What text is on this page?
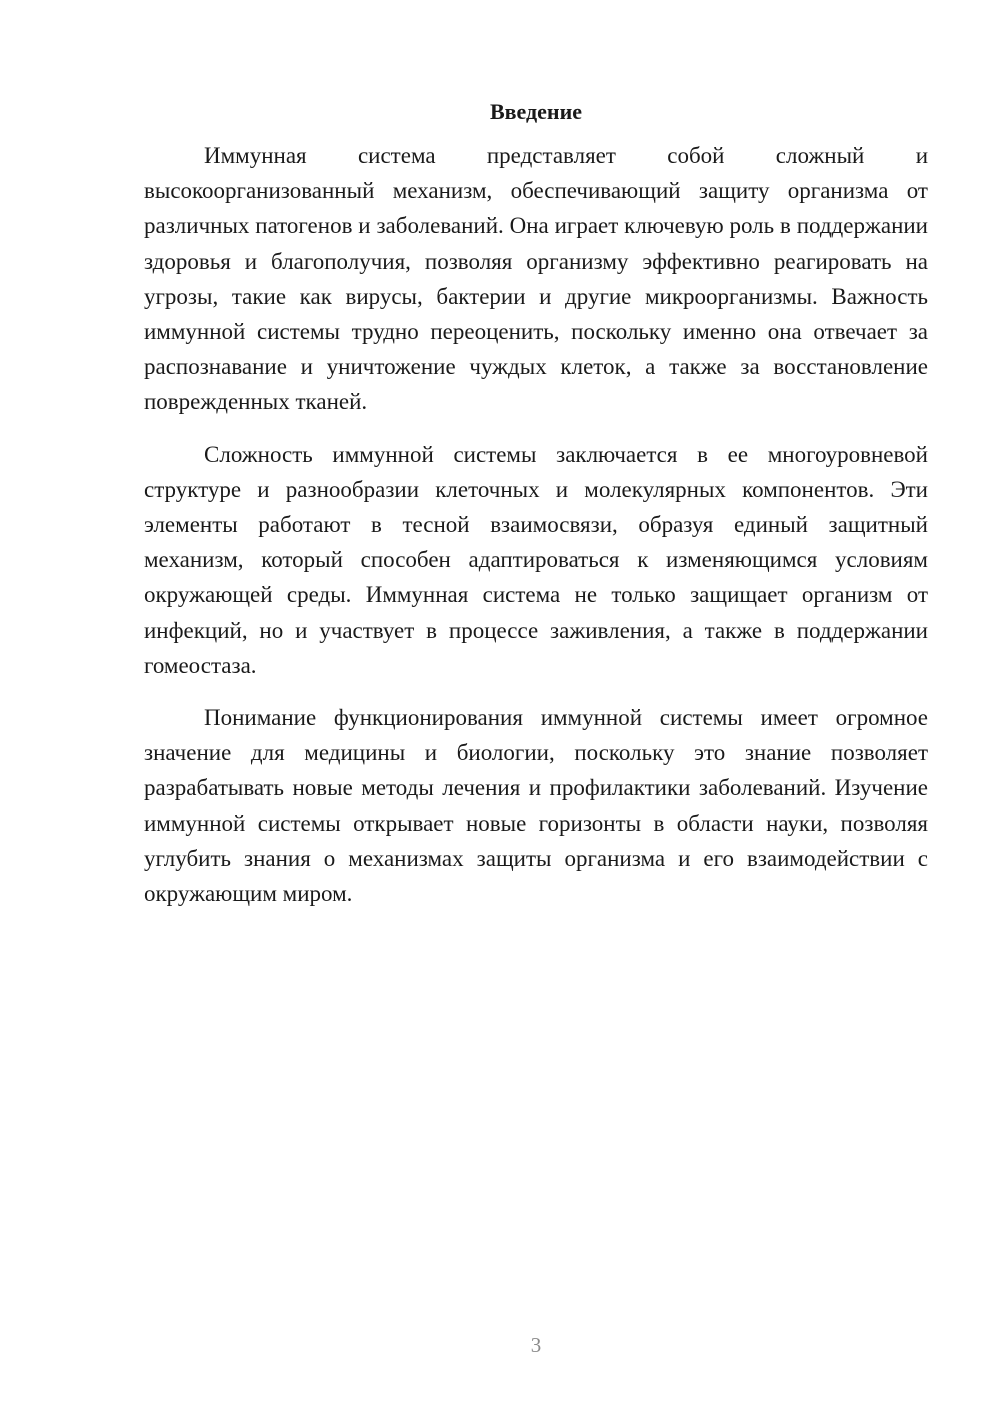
Введение

Иммунная система представляет собой сложный и высокоорганизованный механизм, обеспечивающий защиту организма от различных патогенов и заболеваний. Она играет ключевую роль в поддержании здоровья и благополучия, позволяя организму эффективно реагировать на угрозы, такие как вирусы, бактерии и другие микроорганизмы. Важность иммунной системы трудно переоценить, поскольку именно она отвечает за распознавание и уничтожение чуждых клеток, а также за восстановление поврежденных тканей.

Сложность иммунной системы заключается в ее многоуровневой структуре и разнообразии клеточных и молекулярных компонентов. Эти элементы работают в тесной взаимосвязи, образуя единый защитный механизм, который способен адаптироваться к изменяющимся условиям окружающей среды. Иммунная система не только защищает организм от инфекций, но и участвует в процессе заживления, а также в поддержании гомеостаза.

Понимание функционирования иммунной системы имеет огромное значение для медицины и биологии, поскольку это знание позволяет разрабатывать новые методы лечения и профилактики заболеваний. Изучение иммунной системы открывает новые горизонты в области науки, позволяя углубить знания о механизмах защиты организма и его взаимодействии с окружающим миром.

3
